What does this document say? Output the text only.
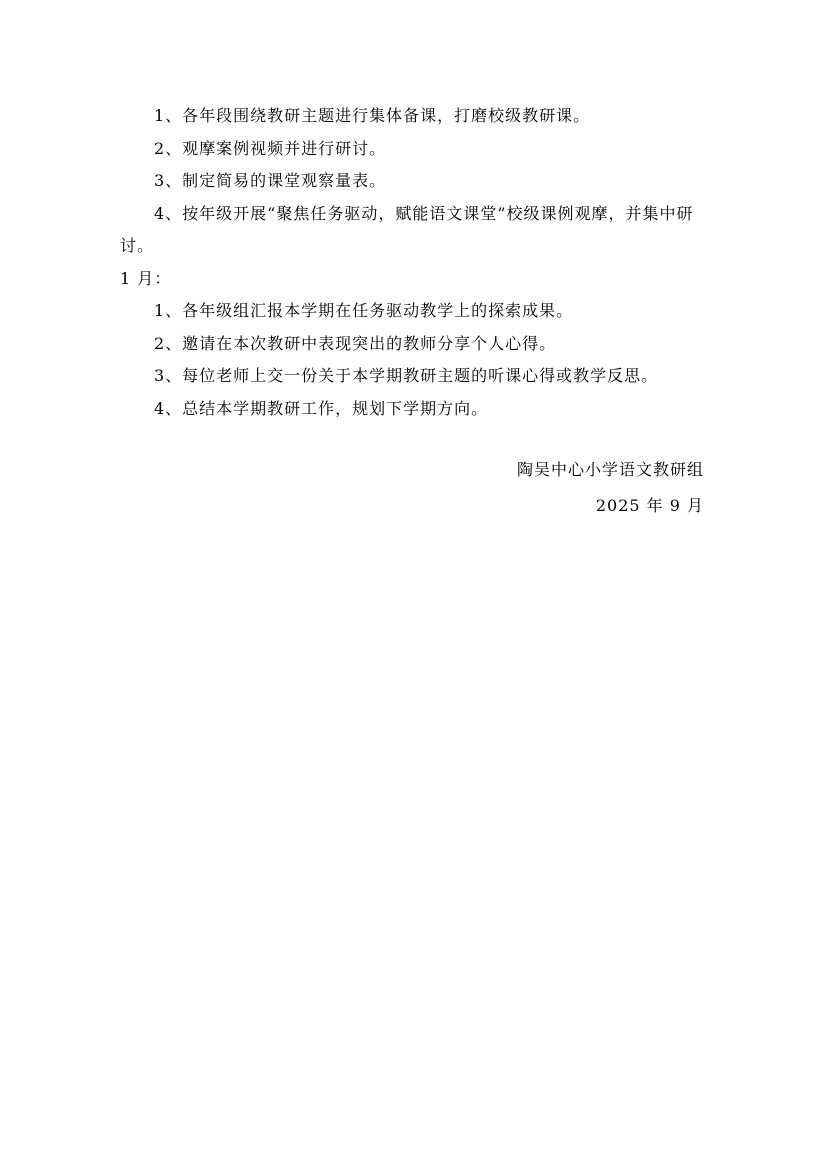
1、各年段围绕教研主题进行集体备课，打磨校级教研课。
2、观摩案例视频并进行研讨。
3、制定简易的课堂观察量表。
4、按年级开展“聚焦任务驱动，赋能语文课堂”校级课例观摩，并集中研
讨。
1 月：
1、各年级组汇报本学期在任务驱动教学上的探索成果。
2、邀请在本次教研中表现突出的教师分享个人心得。
3、每位老师上交一份关于本学期教研主题的听课心得或教学反思。
4、总结本学期教研工作，规划下学期方向。
陶吴中心小学语文教研组
2025 年 9 月
